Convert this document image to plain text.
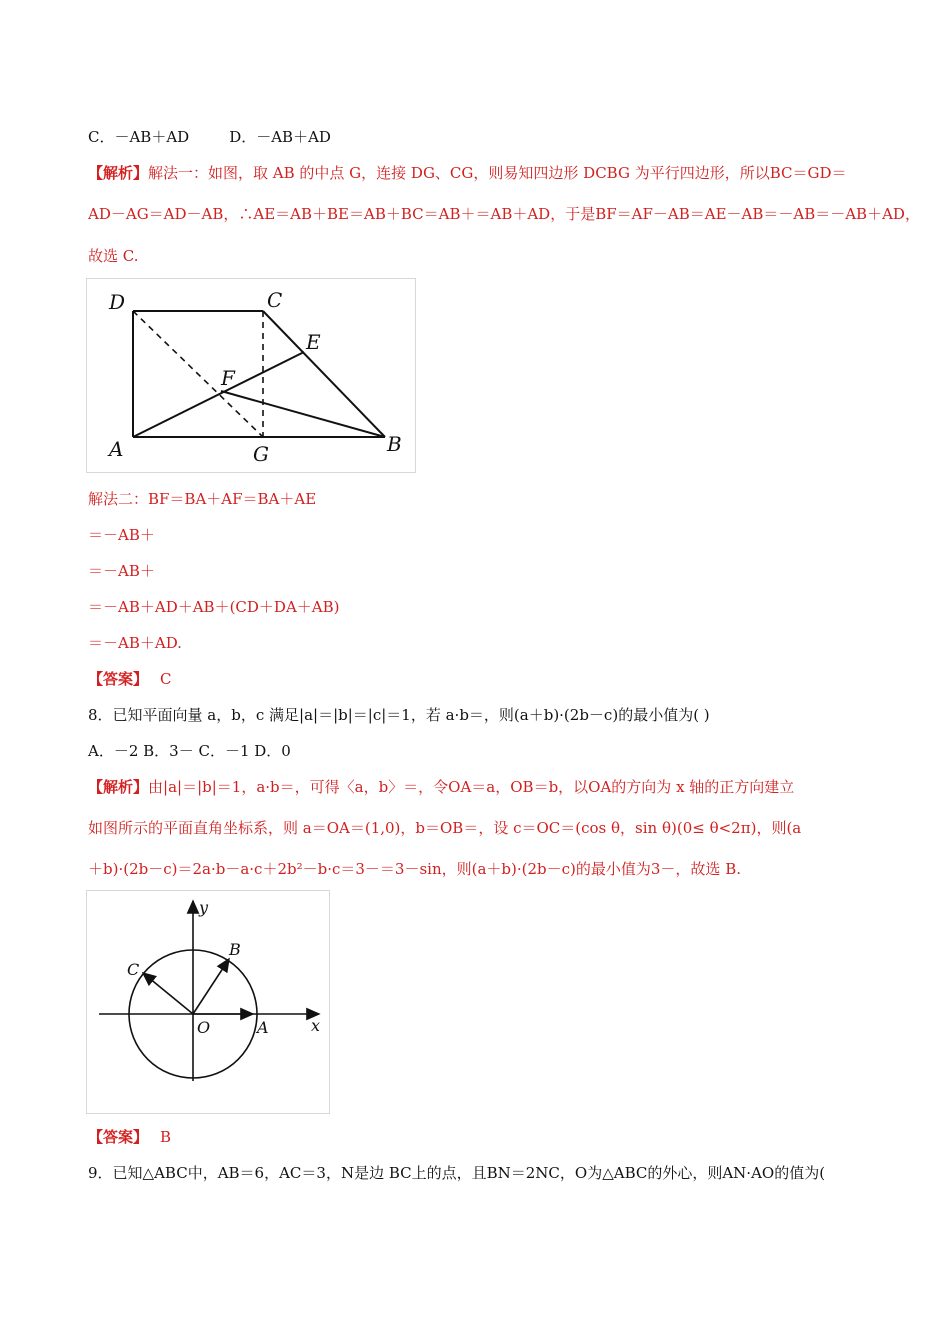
C．－AB＋AD	D．－AB＋AD
【解析】解法一：如图，取 AB 的中点 G，连接 DG、CG，则易知四边形 DCBG 为平行四边形，所以BC＝GD＝
AD－AG＝AD－AB，∴AE＝AB＋BE＝AB＋BC＝AB＋＝AB＋AD，于是BF＝AF－AB＝AE－AB＝－AB＝－AB＋AD，
故选 C.
D	C
E
F
A	G	B
解法二：BF＝BA＋AF＝BA＋AE
＝－AB＋
＝－AB＋
＝－AB＋AD＋AB＋(CD＋DA＋AB)
＝－AB＋AD.
【答案】 C
8．已知平面向量 a，b，c 满足|a|＝|b|＝|c|＝1，若 a·b＝，则(a＋b)·(2b－c)的最小值为( )
A．－2 B．3－ C．－1 D．0
【解析】由|a|＝|b|＝1，a·b＝，可得〈a，b〉＝，令OA＝a，OB＝b，以OA的方向为 x 轴的正方向建立
如图所示的平面直角坐标系，则 a＝OA＝(1,0)，b＝OB＝，设 c＝OC＝(cos θ，sin θ)(0≤ θ<2π)，则(a
＋b)·(2b－c)＝2a·b－a·c＋2b²－b·c＝3－＝3－sin，则(a＋b)·(2b－c)的最小值为3－，故选 B.
y
B
C
O	A	x
【答案】 B
9．已知△ABC中，AB＝6，AC＝3，N是边 BC上的点，且BN＝2NC，O为△ABC的外心，则AN·AO的值为(
